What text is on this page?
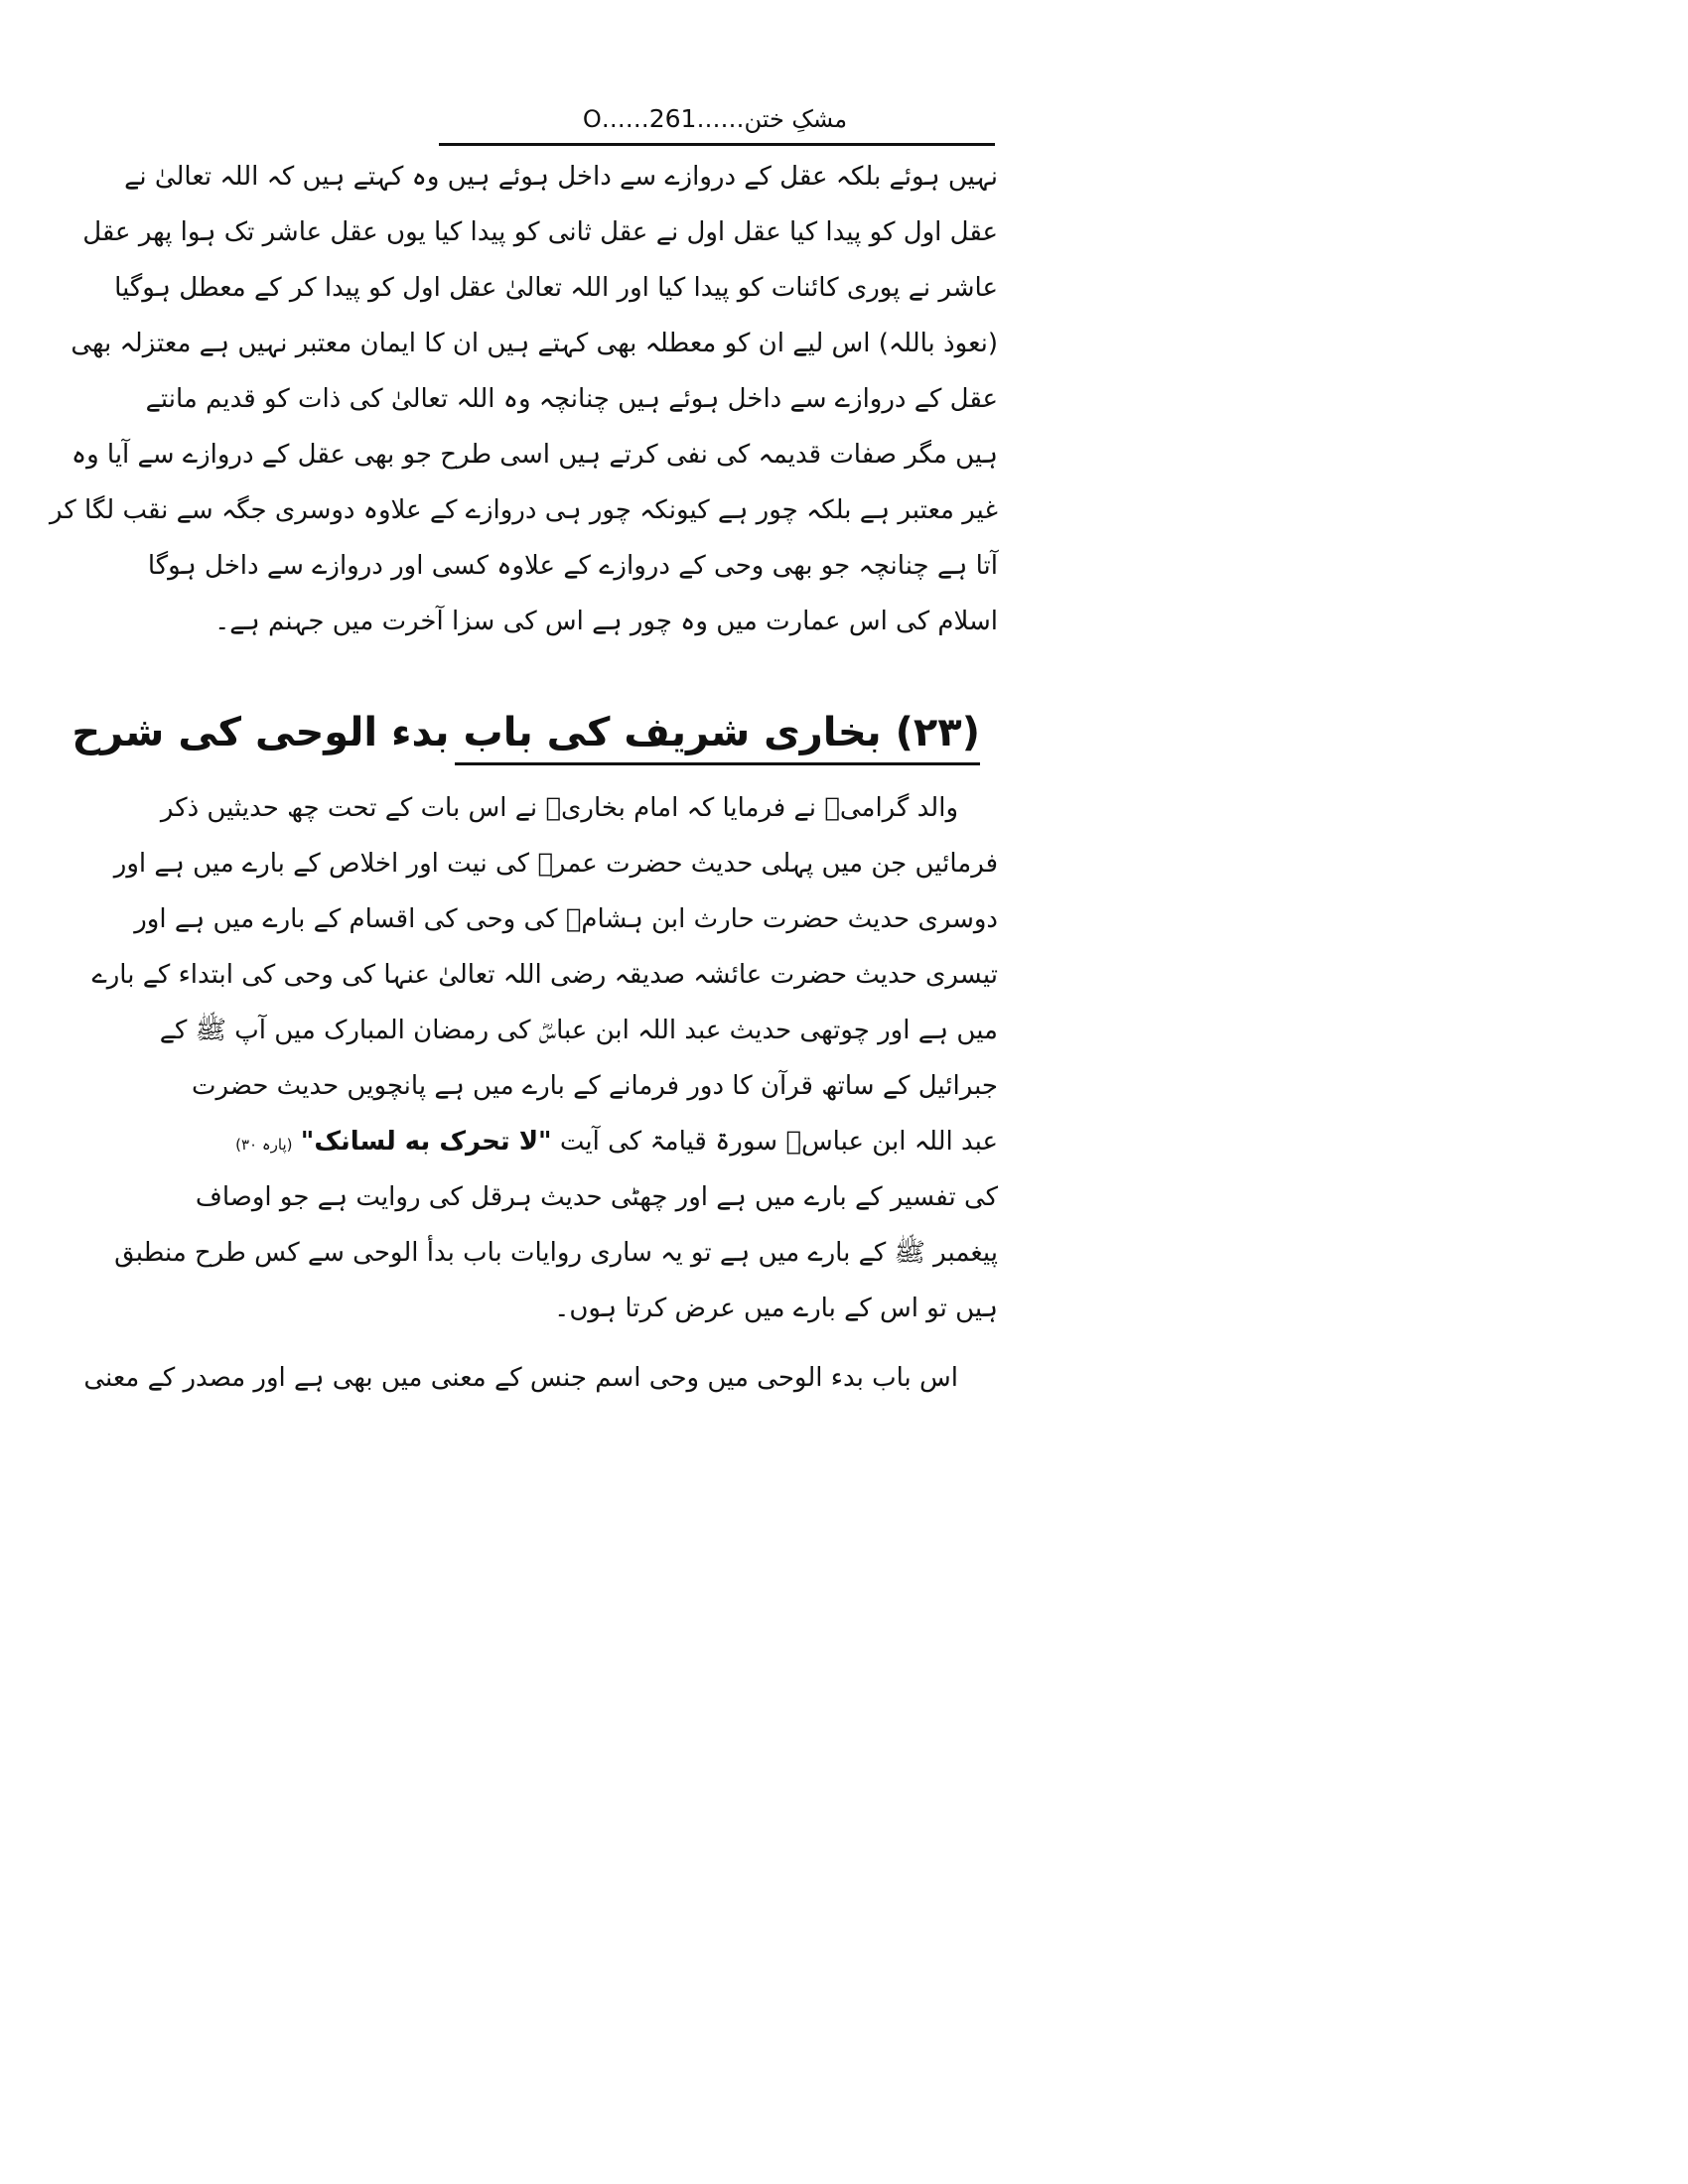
مشکِ ختن……O……261
نہیں ہوئے بلکہ عقل کے دروازے سے داخل ہوئے ہیں وہ کہتے ہیں کہ اللہ تعالیٰ نے
عقل اول کو پیدا کیا عقل اول نے عقل ثانی کو پیدا کیا یوں عقل عاشر تک ہوا پھر عقل
عاشر نے پوری کائنات کو پیدا کیا اور اللہ تعالیٰ عقل اول کو پیدا کر کے معطل ہوگیا
(نعوذ باللہ) اس لیے ان کو معطلہ بھی کہتے ہیں ان کا ایمان معتبر نہیں ہے معتزلہ بھی
عقل کے دروازے سے داخل ہوئے ہیں چنانچہ وہ اللہ تعالیٰ کی ذات کو قدیم مانتے
ہیں مگر صفات قدیمہ کی نفی کرتے ہیں اسی طرح جو بھی عقل کے دروازے سے آیا وہ
غیر معتبر ہے بلکہ چور ہے کیونکہ چور ہی دروازے کے علاوہ دوسری جگہ سے نقب لگا کر
آتا ہے چنانچہ جو بھی وحی کے دروازے کے علاوہ کسی اور دروازے سے داخل ہوگا
اسلام کی اس عمارت میں وہ چور ہے اس کی سزا آخرت میں جہنم ہے۔
(۲۳) بخاری شریف کی باب بدء الوحی کی شرح
والد گرامیؒ نے فرمایا کہ امام بخاریؒ نے اس بات کے تحت چھ حدیثیں ذکر
فرمائیں جن میں پہلی حدیث حضرت عمرؓ کی نیت اور اخلاص کے بارے میں ہے اور
دوسری حدیث حضرت حارث ابن ہشامؓ کی وحی کی اقسام کے بارے میں ہے اور
تیسری حدیث حضرت عائشہ صدیقہ رضی اللہ تعالیٰ عنہا کی وحی کی ابتداء کے بارے
میں ہے اور چوتھی حدیث عبد اللہ ابن عباسؓ کی رمضان المبارک میں آپ ﷺ کے
جبرائیل کے ساتھ قرآن کا دور فرمانے کے بارے میں ہے پانچویں حدیث حضرت
عبد اللہ ابن عباسؓ سورۃ قیامۃ کی آیت "لا تحرک به لسانک" (پارہ ۳۰)
کی تفسیر کے بارے میں ہے اور چھٹی حدیث ہرقل کی روایت ہے جو اوصاف
پیغمبر ﷺ کے بارے میں ہے تو یہ ساری روایات باب بدأ الوحی سے کس طرح منطبق
ہیں تو اس کے بارے میں عرض کرتا ہوں۔
اس باب بدء الوحی میں وحی اسم جنس کے معنی میں بھی ہے اور مصدر کے معنی
